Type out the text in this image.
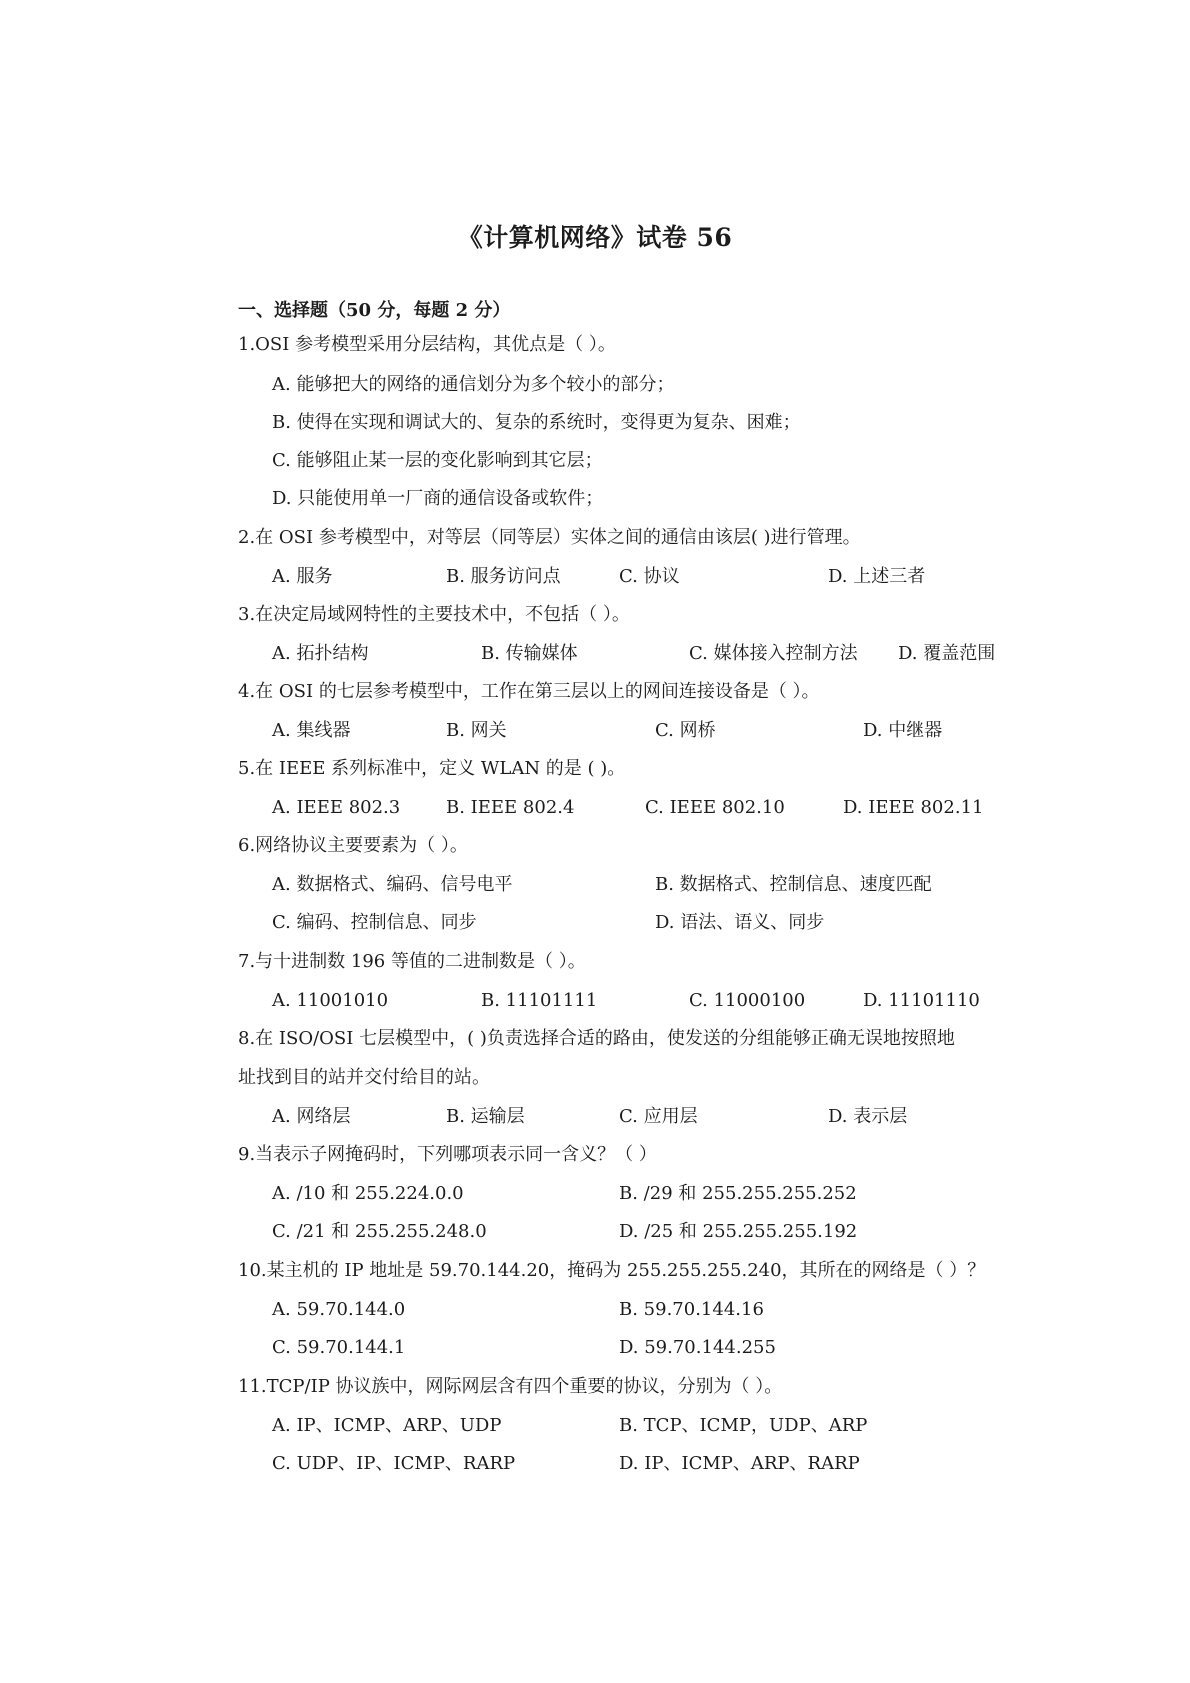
《计算机网络》试卷 56
一、选择题（50 分，每题 2 分）
1.OSI 参考模型采用分层结构，其优点是（ ）。
A. 能够把大的网络的通信划分为多个较小的部分；
B. 使得在实现和调试大的、复杂的系统时，变得更为复杂、困难；
C. 能够阻止某一层的变化影响到其它层；
D. 只能使用单一厂商的通信设备或软件；
2.在 OSI 参考模型中，对等层（同等层）实体之间的通信由该层( )进行管理。
A. 服务	B. 服务访问点	C. 协议	D. 上述三者
3.在决定局域网特性的主要技术中，不包括（ ）。
A. 拓扑结构	B. 传输媒体	C. 媒体接入控制方法 D. 覆盖范围
4.在 OSI 的七层参考模型中，工作在第三层以上的网间连接设备是（ ）。
A. 集线器	B. 网关	C. 网桥	D. 中继器
5.在 IEEE 系列标准中，定义 WLAN 的是 ( )。
A. IEEE 802.3	B. IEEE 802.4	C. IEEE 802.10	D. IEEE 802.11
6.网络协议主要要素为（ ）。
A. 数据格式、编码、信号电平	B. 数据格式、控制信息、速度匹配
C. 编码、控制信息、同步	D. 语法、语义、同步
7.与十进制数 196 等值的二进制数是（ ）。
A. 11001010	B. 11101111	C. 11000100	D. 11101110
8.在 ISO/OSI 七层模型中，( )负责选择合适的路由，使发送的分组能够正确无误地按照地
址找到目的站并交付给目的站。
A. 网络层	B. 运输层	C. 应用层	D. 表示层
9.当表示子网掩码时，下列哪项表示同一含义？（ ）
A. /10 和 255.224.0.0	B. /29 和 255.255.255.252
C. /21 和 255.255.248.0	D. /25 和 255.255.255.192
10.某主机的 IP 地址是 59.70.144.20，掩码为 255.255.255.240，其所在的网络是（ ）？
A. 59.70.144.0	B. 59.70.144.16
C. 59.70.144.1	D. 59.70.144.255
11.TCP/IP 协议族中，网际网层含有四个重要的协议，分别为（ ）。
A. IP、ICMP、ARP、UDP	B. TCP、ICMP，UDP、ARP
C. UDP、IP、ICMP、RARP	D. IP、ICMP、ARP、RARP
